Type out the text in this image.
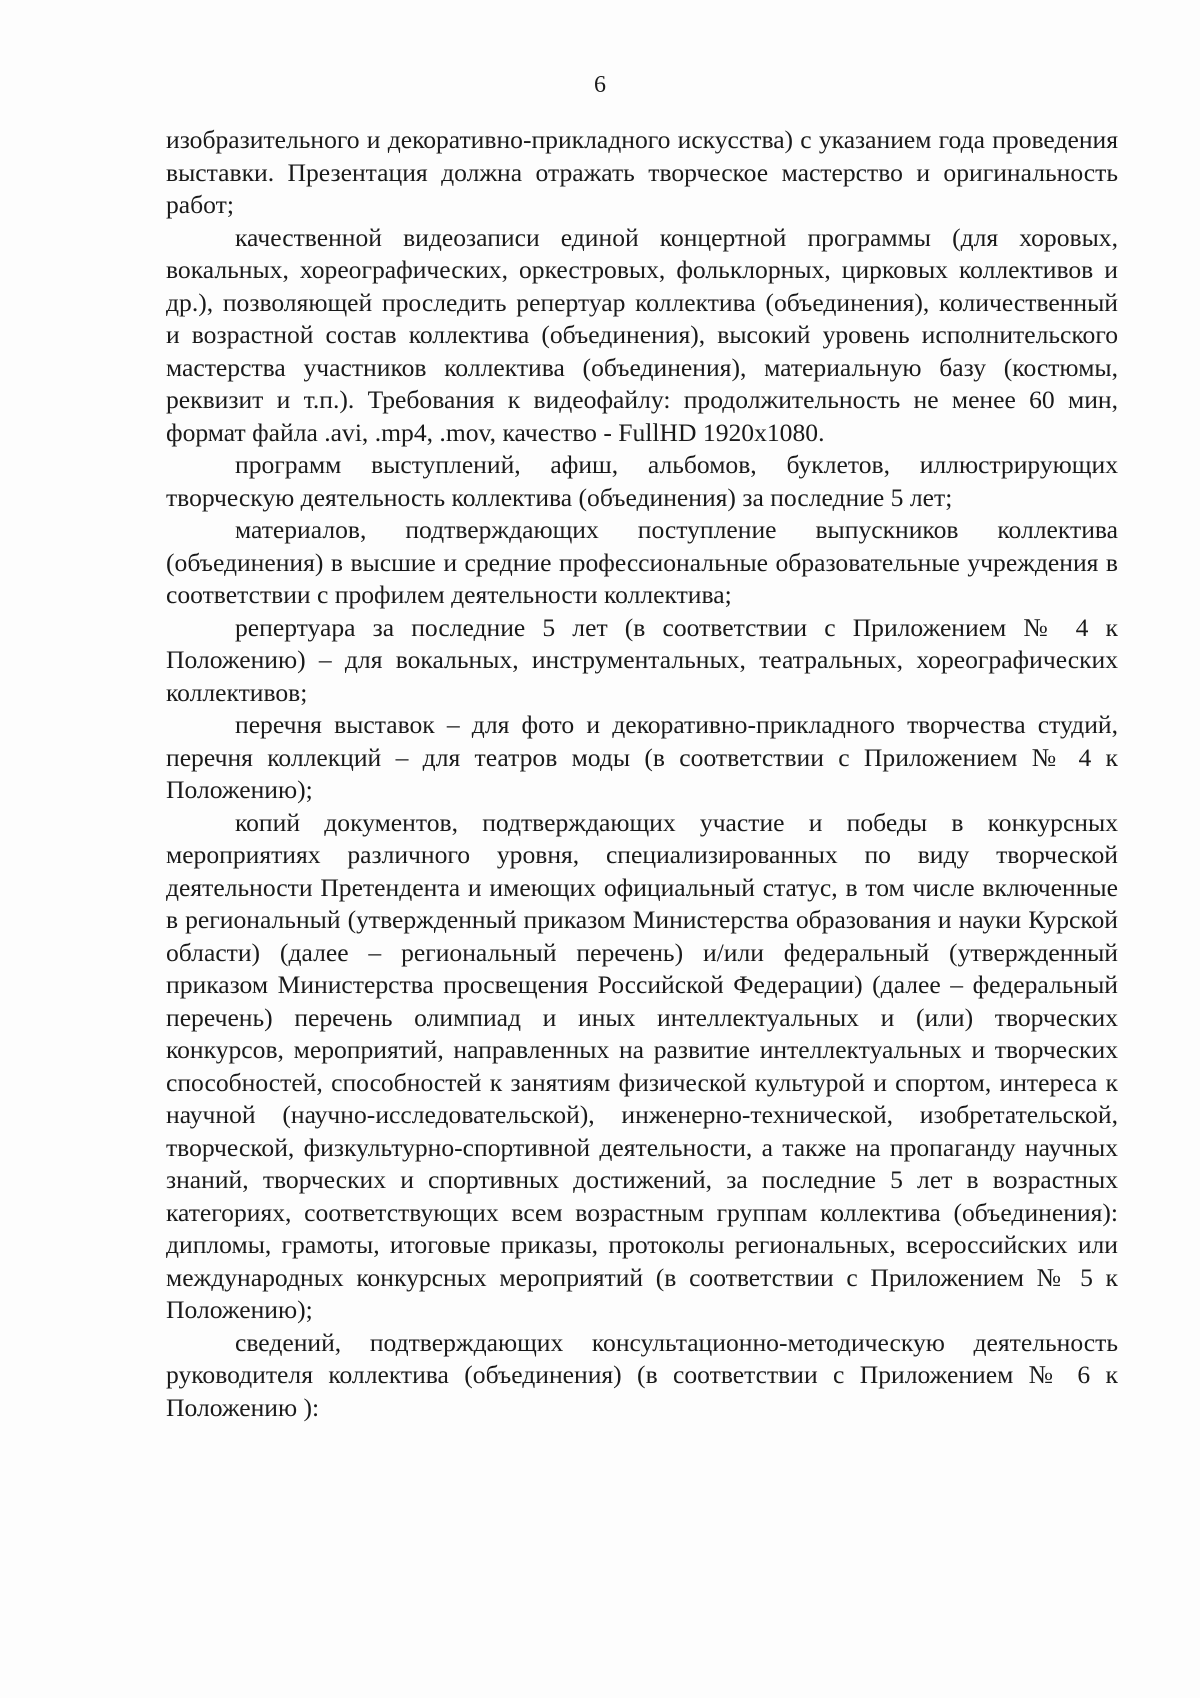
6

изобразительного и декоративно-прикладного искусства) с указанием года проведения выставки. Презентация должна отражать творческое мастерство и оригинальность работ;

качественной видеозаписи единой концертной программы (для хоровых, вокальных, хореографических, оркестровых, фольклорных, цирковых коллективов и др.), позволяющей проследить репертуар коллектива (объединения), количественный и возрастной состав коллектива (объединения), высокий уровень исполнительского мастерства участников коллектива (объединения), материальную базу (костюмы, реквизит и т.п.). Требования к видеофайлу: продолжительность не менее 60 мин, формат файла .avi, .mp4, .mov, качество - FullHD 1920x1080.

программ выступлений, афиш, альбомов, буклетов, иллюстрирующих творческую деятельность коллектива (объединения) за последние 5 лет;

материалов, подтверждающих поступление выпускников коллектива (объединения) в высшие и средние профессиональные образовательные учреждения в соответствии с профилем деятельности коллектива;

репертуара за последние 5 лет (в соответствии с Приложением № 4 к Положению) – для вокальных, инструментальных, театральных, хореографических коллективов;

перечня выставок – для фото и декоративно-прикладного творчества студий, перечня коллекций – для театров моды (в соответствии с Приложением № 4 к Положению);

копий документов, подтверждающих участие и победы в конкурсных мероприятиях различного уровня, специализированных по виду творческой деятельности Претендента и имеющих официальный статус, в том числе включенные в региональный (утвержденный приказом Министерства образования и науки Курской области) (далее – региональный перечень) и/или федеральный (утвержденный приказом Министерства просвещения Российской Федерации) (далее – федеральный перечень) перечень олимпиад и иных интеллектуальных и (или) творческих конкурсов, мероприятий, направленных на развитие интеллектуальных и творческих способностей, способностей к занятиям физической культурой и спортом, интереса к научной (научно-исследовательской), инженерно-технической, изобретательской, творческой, физкультурно-спортивной деятельности, а также на пропаганду научных знаний, творческих и спортивных достижений, за последние 5 лет в возрастных категориях, соответствующих всем возрастным группам коллектива (объединения): дипломы, грамоты, итоговые приказы, протоколы региональных, всероссийских или международных конкурсных мероприятий (в соответствии с Приложением № 5 к Положению);

сведений, подтверждающих консультационно-методическую деятельность руководителя коллектива (объединения) (в соответствии с Приложением № 6 к Положению ):
